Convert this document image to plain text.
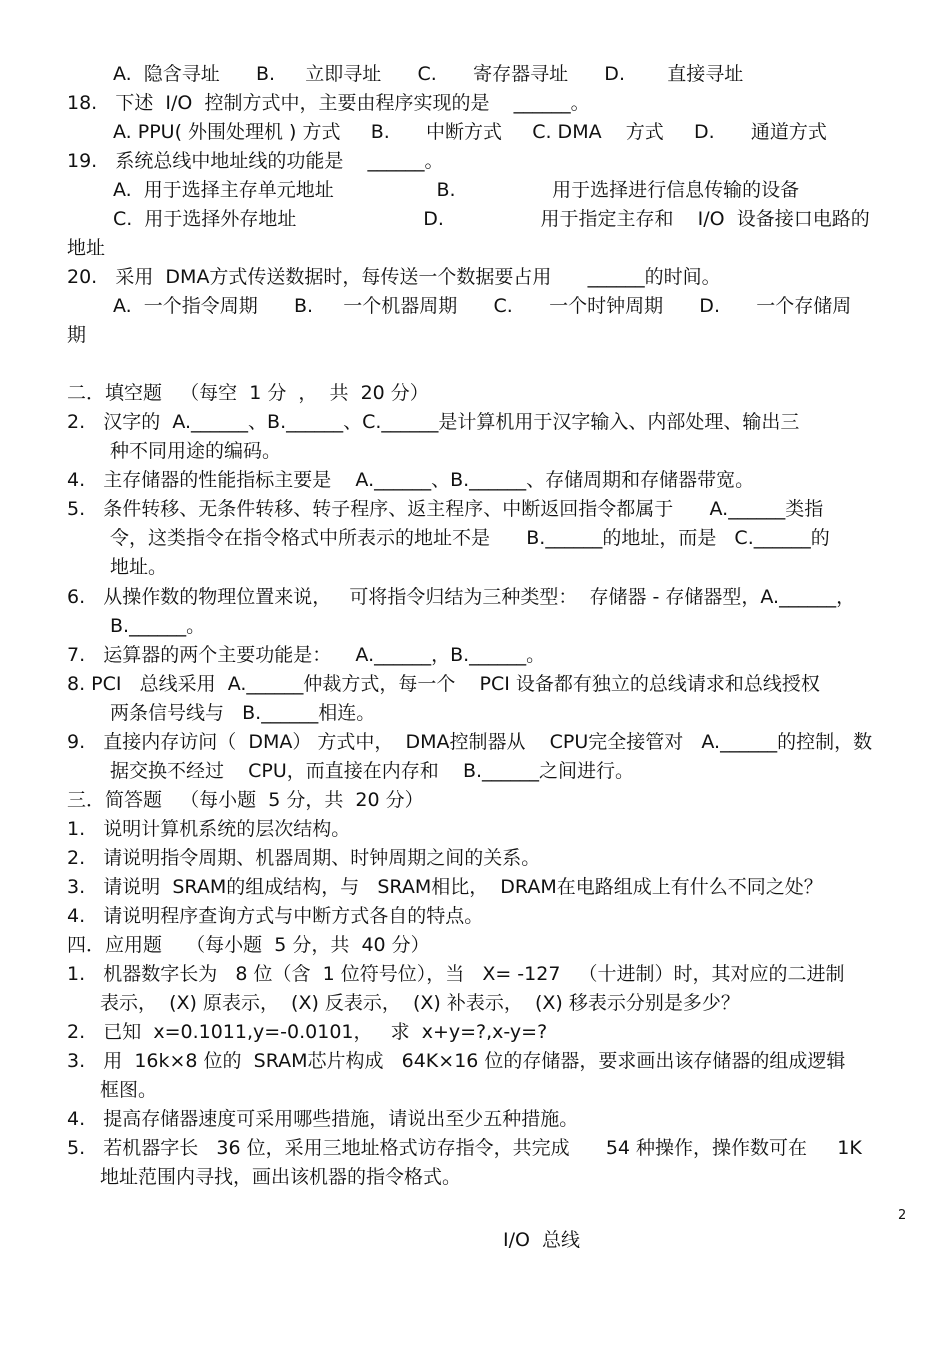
A.  隐含寻址      B.     立即寻址      C.      寄存器寻址      D.       直接寻址
18.   下述  I/O  控制方式中，主要由程序实现的是    ______。
A. PPU( 外围处理机 ) 方式     B.      中断方式     C. DMA    方式     D.      通道方式
19.   系统总线中地址线的功能是    ______。
A.  用于选择主存单元地址                 B.                用于选择进行信息传输的设备
C.  用于选择外存地址                     D.                用于指定主存和    I/O  设备接口电路的
地址
20.   采用  DMA方式传送数据时，每传送一个数据要占用      ______的时间。
A.  一个指令周期      B.     一个机器周期      C.      一个时钟周期      D.      一个存储周
期
二．填空题   （每空  1 分  ，  共  20 分）
2.   汉字的  A.______、B.______、C.______是计算机用于汉字输入、内部处理、输出三
种不同用途的编码。
4.   主存储器的性能指标主要是    A.______、B.______、存储周期和存储器带宽。
5.   条件转移、无条件转移、转子程序、返主程序、中断返回指令都属于      A.______类指
令，这类指令在指令格式中所表示的地址不是      B.______的地址，而是   C.______的
地址。
6.   从操作数的物理位置来说，   可将指令归结为三种类型：  存储器 - 存储器型，A.______，
B.______。
7.   运算器的两个主要功能是：    A.______，B.______。
8. PCI   总线采用  A.______仲裁方式，每一个    PCI 设备都有独立的总线请求和总线授权
两条信号线与   B.______相连。
9.   直接内存访问（  DMA） 方式中，  DMA控制器从    CPU完全接管对   A.______的控制，数
据交换不经过    CPU，而直接在内存和    B.______之间进行。
三．简答题   （每小题  5 分，共  20 分）
1.   说明计算机系统的层次结构。
2.   请说明指令周期、机器周期、时钟周期之间的关系。
3.   请说明  SRAM的组成结构，与   SRAM相比，  DRAM在电路组成上有什么不同之处？
4.   请说明程序查询方式与中断方式各自的特点。
四．应用题    （每小题  5 分，共  40 分）
1.   机器数字长为   8 位（含  1 位符号位），当   X= -127   （十进制）时，其对应的二进制
表示，  (X) 原表示，  (X) 反表示，  (X) 补表示，  (X) 移表示分别是多少？
2.   已知  x=0.1011,y=-0.0101，   求  x+y=?,x-y=?
3.   用  16k×8 位的  SRAM芯片构成   64K×16 位的存储器，要求画出该存储器的组成逻辑
框图。
4.   提高存储器速度可采用哪些措施，请说出至少五种措施。
5.   若机器字长   36 位，采用三地址格式访存指令，共完成      54 种操作，操作数可在     1K
地址范围内寻找，画出该机器的指令格式。
2
I/O  总线
